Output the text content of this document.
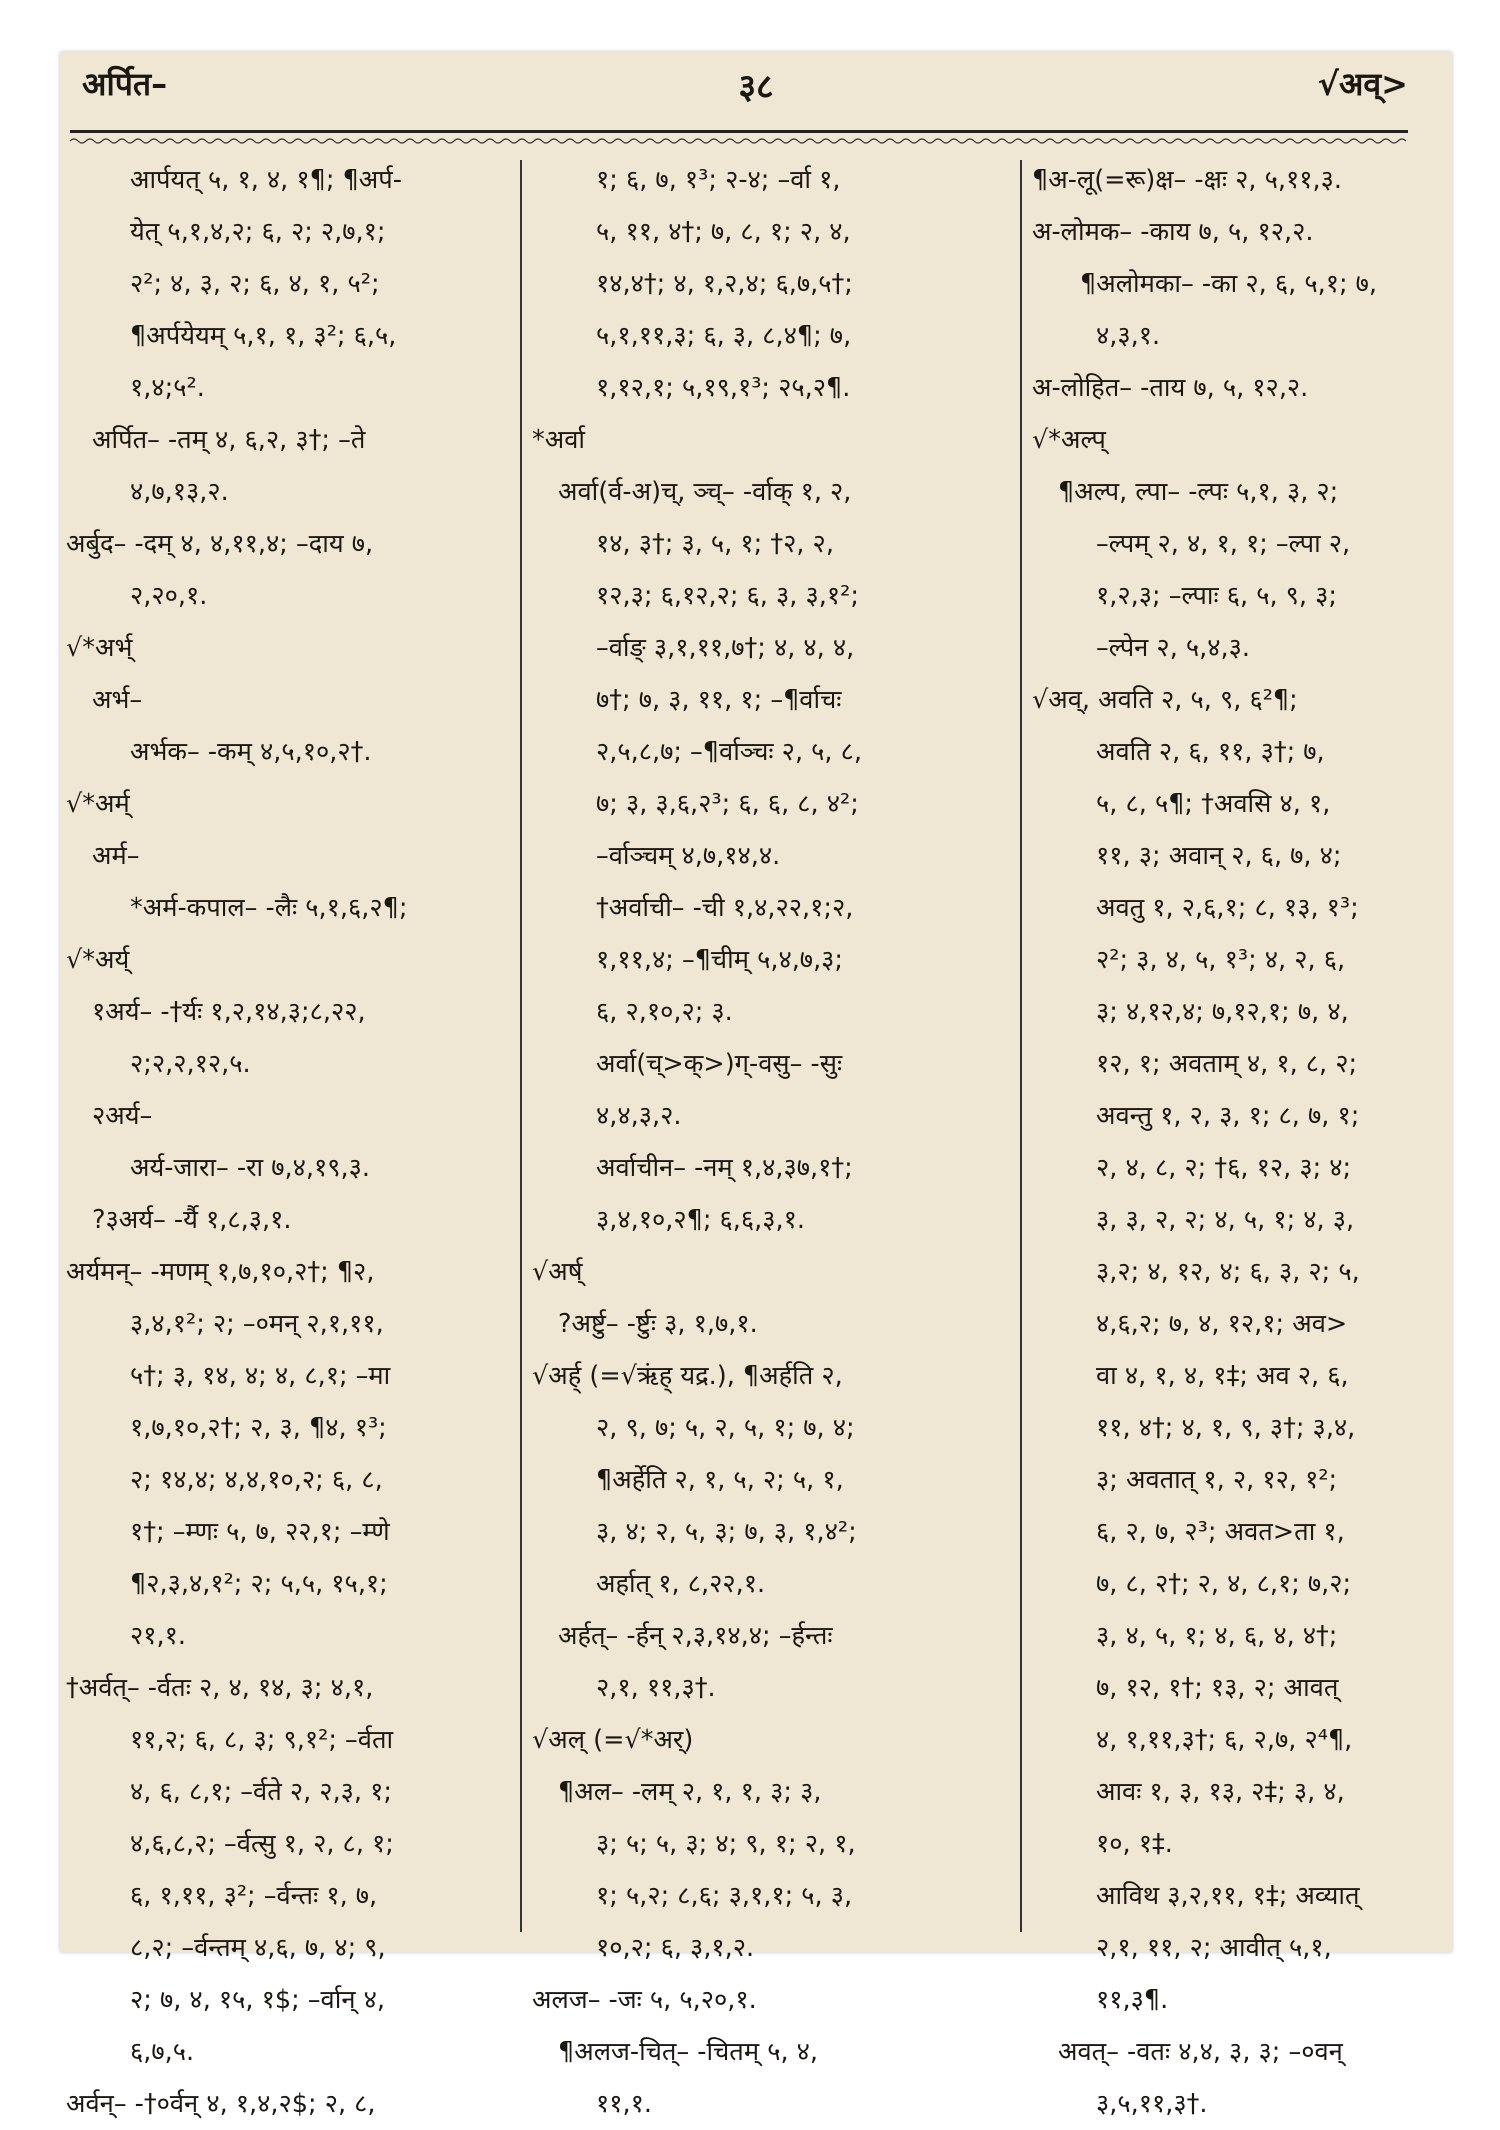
३८
अर्पित–	√अव्>
आर्पयत् ५, १, ४, १¶; ¶अर्प-
येत् ५,१,४,२; ६, २; २,७,१;
२²; ४, ३, २; ६, ४, १, ५²;
¶अर्पयेयम् ५,१, १, ३²; ६,५,
१,४;५².
अर्पित– -तम् ४, ६,२, ३†; –ते
४,७,१३,२.
अर्बुद– -दम् ४, ४,११,४; –दाय ७,
२,२०,१.
√*अर्भ्
अर्भ–
अर्भक– -कम् ४,५,१०,२†.
√*अर्म्
अर्म–
*अर्म-कपाल– -लैः ५,१,६,२¶;
√*अर्य्
१अर्य– -†र्यः १,२,१४,३;८,२२,
२;२,२,१२,५.
२अर्य–
अर्य-जारा– -रा ७,४,१९,३.
?३अर्य– -र्यै १,८,३,१.
अर्यमन्– -मणम् १,७,१०,२†; ¶२,
३,४,१²; २; –०मन् २,१,११,
५†; ३, १४, ४; ४, ८,१; –मा
१,७,१०,२†; २, ३, ¶४, १³;
२; १४,४; ४,४,१०,२; ६, ८,
१†; –म्णः ५, ७, २२,१; –म्णे
¶२,३,४,१²; २; ५,५, १५,१;
२१,१.
†अर्वत्– -र्वतः २, ४, १४, ३; ४,१,
११,२; ६, ८, ३; ९,१²; –र्वता
४, ६, ८,१; –र्वते २, २,३, १;
४,६,८,२; –र्वत्सु १, २, ८, १;
६, १,११, ३²; –र्वन्तः १, ७,
८,२; –र्वन्तम् ४,६, ७, ४; ९,
२; ७, ४, १५, १$; –र्वान् ४,
६,७,५.
अर्वन्– -†०र्वन् ४, १,४,२$; २, ८,
१; ६, ७, १³; २-४; –र्वा १,
५, ११, ४†; ७, ८, १; २, ४,
१४,४†; ४, १,२,४; ६,७,५†;
५,१,११,३; ६, ३, ८,४¶; ७,
१,१२,१; ५,१९,१³; २५,२¶.
*अर्वा
अर्वा(र्व-अ)च्, ञ्च्– -र्वाक् १, २,
१४, ३†; ३, ५, १; †२, २,
१२,३; ६,१२,२; ६, ३, ३,१²;
–र्वाङ् ३,१,११,७†; ४, ४, ४,
७†; ७, ३, ११, १; –¶र्वाचः
२,५,८,७; –¶र्वाञ्चः २, ५, ८,
७; ३, ३,६,२³; ६, ६, ८, ४²;
–र्वाञ्चम् ४,७,१४,४.
†अर्वाची– -ची १,४,२२,१;२,
१,११,४; –¶चीम् ५,४,७,३;
६, २,१०,२; ३.
अर्वा(च्>क्>)ग्-वसु– -सुः
४,४,३,२.
अर्वाचीन– -नम् १,४,३७,१†;
३,४,१०,२¶; ६,६,३,१.
√अर्ष्
?अर्ष्टु– -र्ष्टुः ३, १,७,१.
√अर्ह् (=√ऋंह् यद्र.), ¶अर्हति २,
२, ९, ७; ५, २, ५, १; ७, ४;
¶अर्हेति २, १, ५, २; ५, १,
३, ४; २, ५, ३; ७, ३, १,४²;
अर्हात् १, ८,२२,१.
अर्हत्– -र्हन् २,३,१४,४; –र्हन्तः
२,१, ११,३†.
√अल् (=√*अर्)
¶अल– -लम् २, १, १, ३; ३,
३; ५; ५, ३; ४; ९, १; २, १,
१; ५,२; ८,६; ३,१,१; ५, ३,
१०,२; ६, ३,१,२.
अलज– -जः ५, ५,२०,१.
¶अलज-चित्– -चितम् ५, ४,
११,१.
¶अ-लू(=रू)क्ष– -क्षः २, ५,११,३.
अ-लोमक– -काय ७, ५, १२,२.
¶अलोमका– -का २, ६, ५,१; ७,
४,३,१.
अ-लोहित– -ताय ७, ५, १२,२.
√*अल्प्
¶अल्प, ल्पा– -ल्पः ५,१, ३, २;
–ल्पम् २, ४, १, १; –ल्पा २,
१,२,३; –ल्पाः ६, ५, ९, ३;
–ल्पेन २, ५,४,३.
√अव्, अवति २, ५, ९, ६²¶;
अवति २, ६, ११, ३†; ७,
५, ८, ५¶; †अवसि ४, १,
११, ३; अवान् २, ६, ७, ४;
अवतु १, २,६,१; ८, १३, १³;
२²; ३, ४, ५, १³; ४, २, ६,
३; ४,१२,४; ७,१२,१; ७, ४,
१२, १; अवताम् ४, १, ८, २;
अवन्तु १, २, ३, १; ८, ७, १;
२, ४, ८, २; †६, १२, ३; ४;
३, ३, २, २; ४, ५, १; ४, ३,
३,२; ४, १२, ४; ६, ३, २; ५,
४,६,२; ७, ४, १२,१; अव>
वा ४, १, ४, १‡; अव २, ६,
११, ४†; ४, १, ९, ३†; ३,४,
३; अवतात् १, २, १२, १²;
६, २, ७, २³; अवत>ता १,
७, ८, २†; २, ४, ८,१; ७,२;
३, ४, ५, १; ४, ६, ४, ४†;
७, १२, १†; १३, २; आवत्
४, १,११,३†; ६, २,७, २⁴¶,
आवः १, ३, १३, २‡; ३, ४,
१०, १‡.
आविथ ३,२,११, १‡; अव्यात्
२,१, ११, २; आवीत् ५,१,
११,३¶.
अवत्– -वतः ४,४, ३, ३; –०वन्
३,५,११,३†.
